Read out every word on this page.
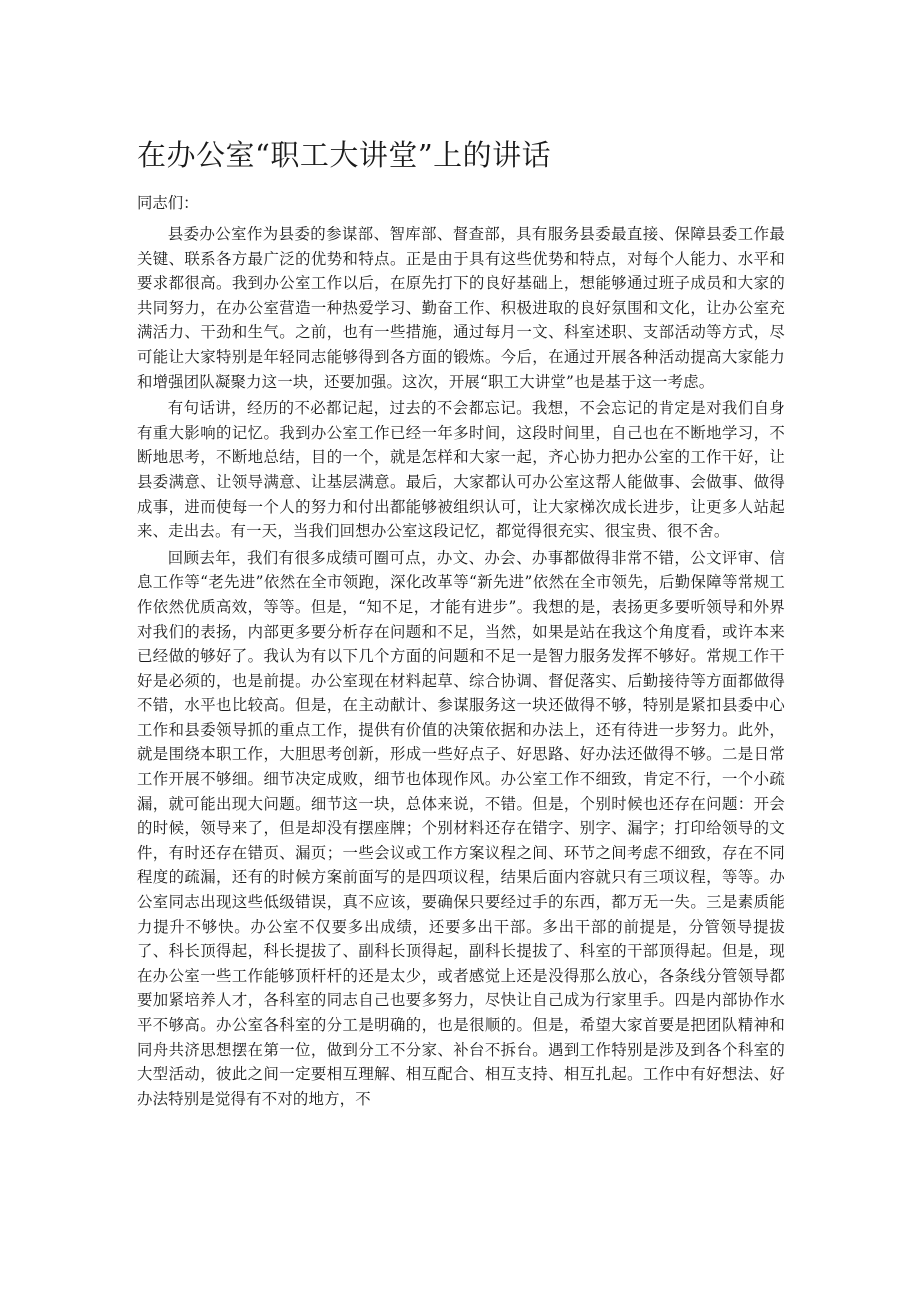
在办公室“职工大讲堂”上的讲话

同志们：

县委办公室作为县委的参谋部、智库部、督查部，具有服务县委最直接、保障县委工作最关键、联系各方最广泛的优势和特点。正是由于具有这些优势和特点，对每个人能力、水平和要求都很高。我到办公室工作以后，在原先打下的良好基础上，想能够通过班子成员和大家的共同努力，在办公室营造一种热爱学习、勤奋工作、积极进取的良好氛围和文化，让办公室充满活力、干劲和生气。之前，也有一些措施，通过每月一文、科室述职、支部活动等方式，尽可能让大家特别是年轻同志能够得到各方面的锻炼。今后，在通过开展各种活动提高大家能力和增强团队凝聚力这一块，还要加强。这次，开展“职工大讲堂”也是基于这一考虑。

有句话讲，经历的不必都记起，过去的不会都忘记。我想，不会忘记的肯定是对我们自身有重大影响的记忆。我到办公室工作已经一年多时间，这段时间里，自己也在不断地学习，不断地思考，不断地总结，目的一个，就是怎样和大家一起，齐心协力把办公室的工作干好，让县委满意、让领导满意、让基层满意。最后，大家都认可办公室这帮人能做事、会做事、做得成事，进而使每一个人的努力和付出都能够被组织认可，让大家梯次成长进步，让更多人站起来、走出去。有一天，当我们回想办公室这段记忆，都觉得很充实、很宝贵、很不舍。

回顾去年，我们有很多成绩可圈可点，办文、办会、办事都做得非常不错，公文评审、信息工作等“老先进”依然在全市领跑，深化改革等“新先进”依然在全市领先，后勤保障等常规工作依然优质高效，等等。但是，“知不足，才能有进步”。我想的是，表扬更多要听领导和外界对我们的表扬，内部更多要分析存在问题和不足，当然，如果是站在我这个角度看，或许本来已经做的够好了。我认为有以下几个方面的问题和不足一是智力服务发挥不够好。常规工作干好是必须的，也是前提。办公室现在材料起草、综合协调、督促落实、后勤接待等方面都做得不错，水平也比较高。但是，在主动献计、参谋服务这一块还做得不够，特别是紧扣县委中心工作和县委领导抓的重点工作，提供有价值的决策依据和办法上，还有待进一步努力。此外，就是围绕本职工作，大胆思考创新，形成一些好点子、好思路、好办法还做得不够。二是日常工作开展不够细。细节决定成败，细节也体现作风。办公室工作不细致，肯定不行，一个小疏漏，就可能出现大问题。细节这一块，总体来说，不错。但是，个别时候也还存在问题：开会的时候，领导来了，但是却没有摆座牌；个别材料还存在错字、别字、漏字；打印给领导的文件，有时还存在错页、漏页；一些会议或工作方案议程之间、环节之间考虑不细致，存在不同程度的疏漏，还有的时候方案前面写的是四项议程，结果后面内容就只有三项议程，等等。办公室同志出现这些低级错误，真不应该，要确保只要经过手的东西，都万无一失。三是素质能力提升不够快。办公室不仅要多出成绩，还要多出干部。多出干部的前提是，分管领导提拔了、科长顶得起，科长提拔了、副科长顶得起，副科长提拔了、科室的干部顶得起。但是，现在办公室一些工作能够顶杆杆的还是太少，或者感觉上还是没得那么放心，各条线分管领导都要加紧培养人才，各科室的同志自己也要多努力，尽快让自己成为行家里手。四是内部协作水平不够高。办公室各科室的分工是明确的，也是很顺的。但是，希望大家首要是把团队精神和同舟共济思想摆在第一位，做到分工不分家、补台不拆台。遇到工作特别是涉及到各个科室的大型活动，彼此之间一定要相互理解、相互配合、相互支持、相互扎起。工作中有好想法、好办法特别是觉得有不对的地方，不
